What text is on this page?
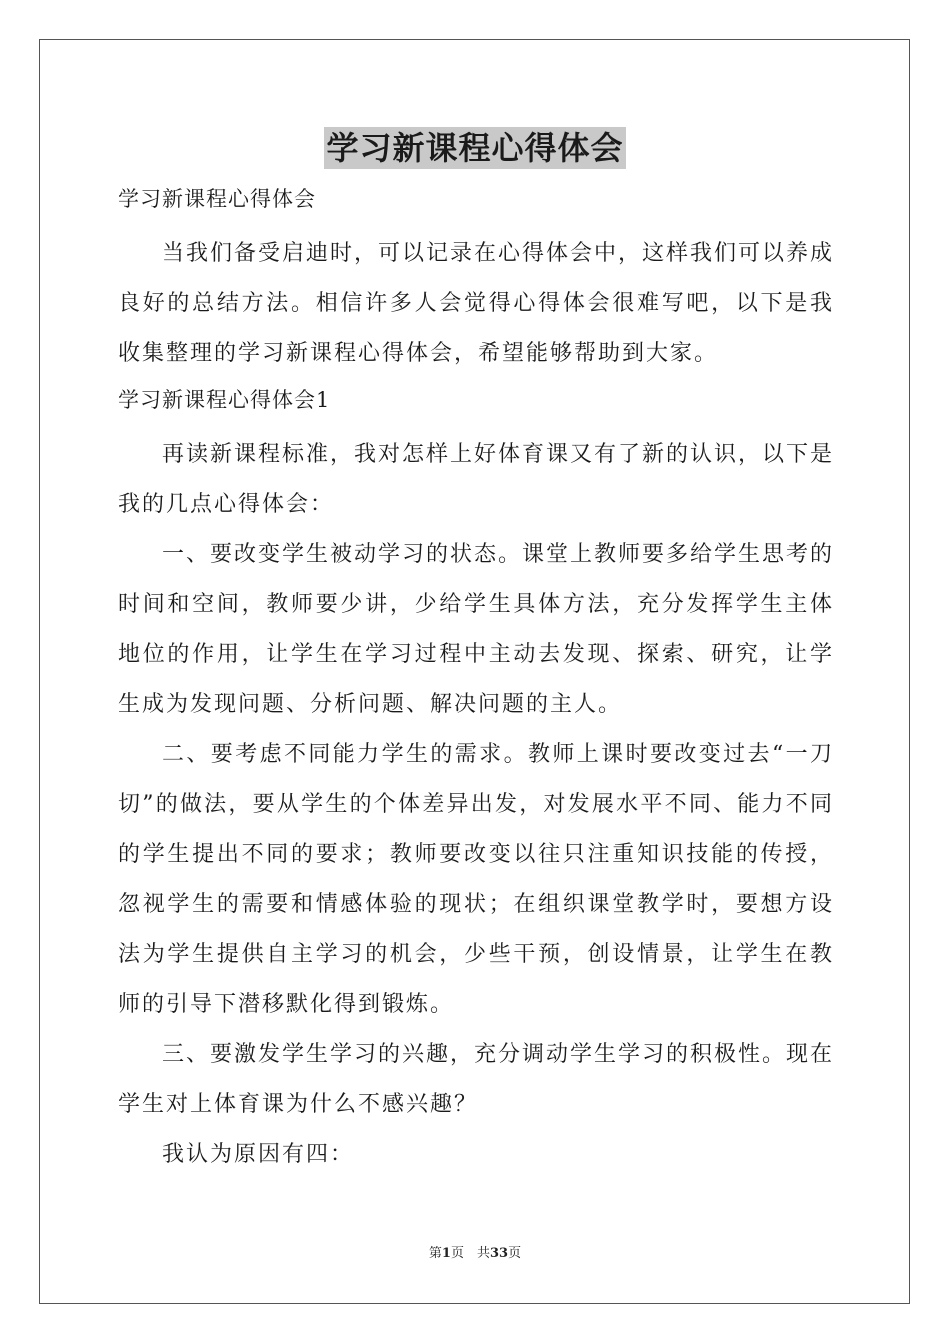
学习新课程心得体会

学习新课程心得体会

当我们备受启迪时，可以记录在心得体会中，这样我们可以养成良好的总结方法。相信许多人会觉得心得体会很难写吧，以下是我收集整理的学习新课程心得体会，希望能够帮助到大家。

学习新课程心得体会1

再读新课程标准，我对怎样上好体育课又有了新的认识，以下是我的几点心得体会：

一、要改变学生被动学习的状态。课堂上教师要多给学生思考的时间和空间，教师要少讲，少给学生具体方法，充分发挥学生主体地位的作用，让学生在学习过程中主动去发现、探索、研究，让学生成为发现问题、分析问题、解决问题的主人。

二、要考虑不同能力学生的需求。教师上课时要改变过去“一刀切”的做法，要从学生的个体差异出发，对发展水平不同、能力不同的学生提出不同的要求；教师要改变以往只注重知识技能的传授，忽视学生的需要和情感体验的现状；在组织课堂教学时，要想方设法为学生提供自主学习的机会，少些干预，创设情景，让学生在教师的引导下潜移默化得到锻炼。

三、要激发学生学习的兴趣，充分调动学生学习的积极性。现在学生对上体育课为什么不感兴趣？

我认为原因有四：

第1页　共33页
